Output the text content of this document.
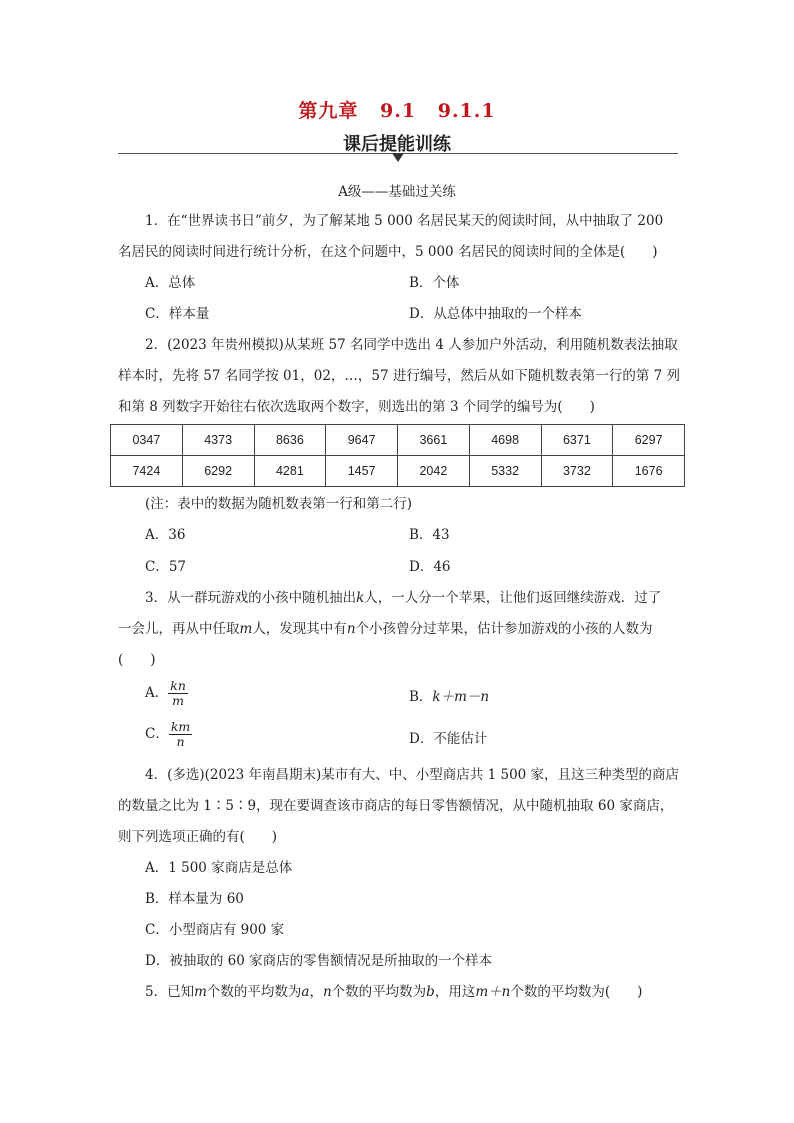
第九章 9.1 9.1.1
课后提能训练
A级——基础过关练
1．在“世界读书日”前夕，为了解某地 5 000 名居民某天的阅读时间，从中抽取了 200
名居民的阅读时间进行统计分析，在这个问题中，5 000 名居民的阅读时间的全体是(　　)
A．总体	B．个体
C．样本量	D．从总体中抽取的一个样本
2．(2023 年贵州模拟)从某班 57 名同学中选出 4 人参加户外活动，利用随机数表法抽取
样本时，先将 57 名同学按 01，02，…，57 进行编号，然后从如下随机数表第一行的第 7 列
和第 8 列数字开始往右依次选取两个数字，则选出的第 3 个同学的编号为(　　)
0347	4373	8636	9647	3661	4698	6371	6297
7424	6292	4281	1457	2042	5332	3732	1676
(注：表中的数据为随机数表第一行和第二行)
A．36	B．43
C．57	D．46
3．从一群玩游戏的小孩中随机抽出k人，一人分一个苹果，让他们返回继续游戏．过了
一会儿，再从中任取m人，发现其中有n个小孩曾分过苹果，估计参加游戏的小孩的人数为
(　　)
A． $\frac{kn}{m}$	B．k＋m－n
C． $\frac{km}{n}$	D．不能估计
4．(多选)(2023 年南昌期末)某市有大、中、小型商店共 1 500 家，且这三种类型的商店
的数量之比为 1∶5∶9，现在要调查该市商店的每日零售额情况，从中随机抽取 60 家商店，
则下列选项正确的有(　　)
A．1 500 家商店是总体
B．样本量为 60
C．小型商店有 900 家
D．被抽取的 60 家商店的零售额情况是所抽取的一个样本
5．已知m个数的平均数为a，n个数的平均数为b，用这m＋n个数的平均数为(　　)
